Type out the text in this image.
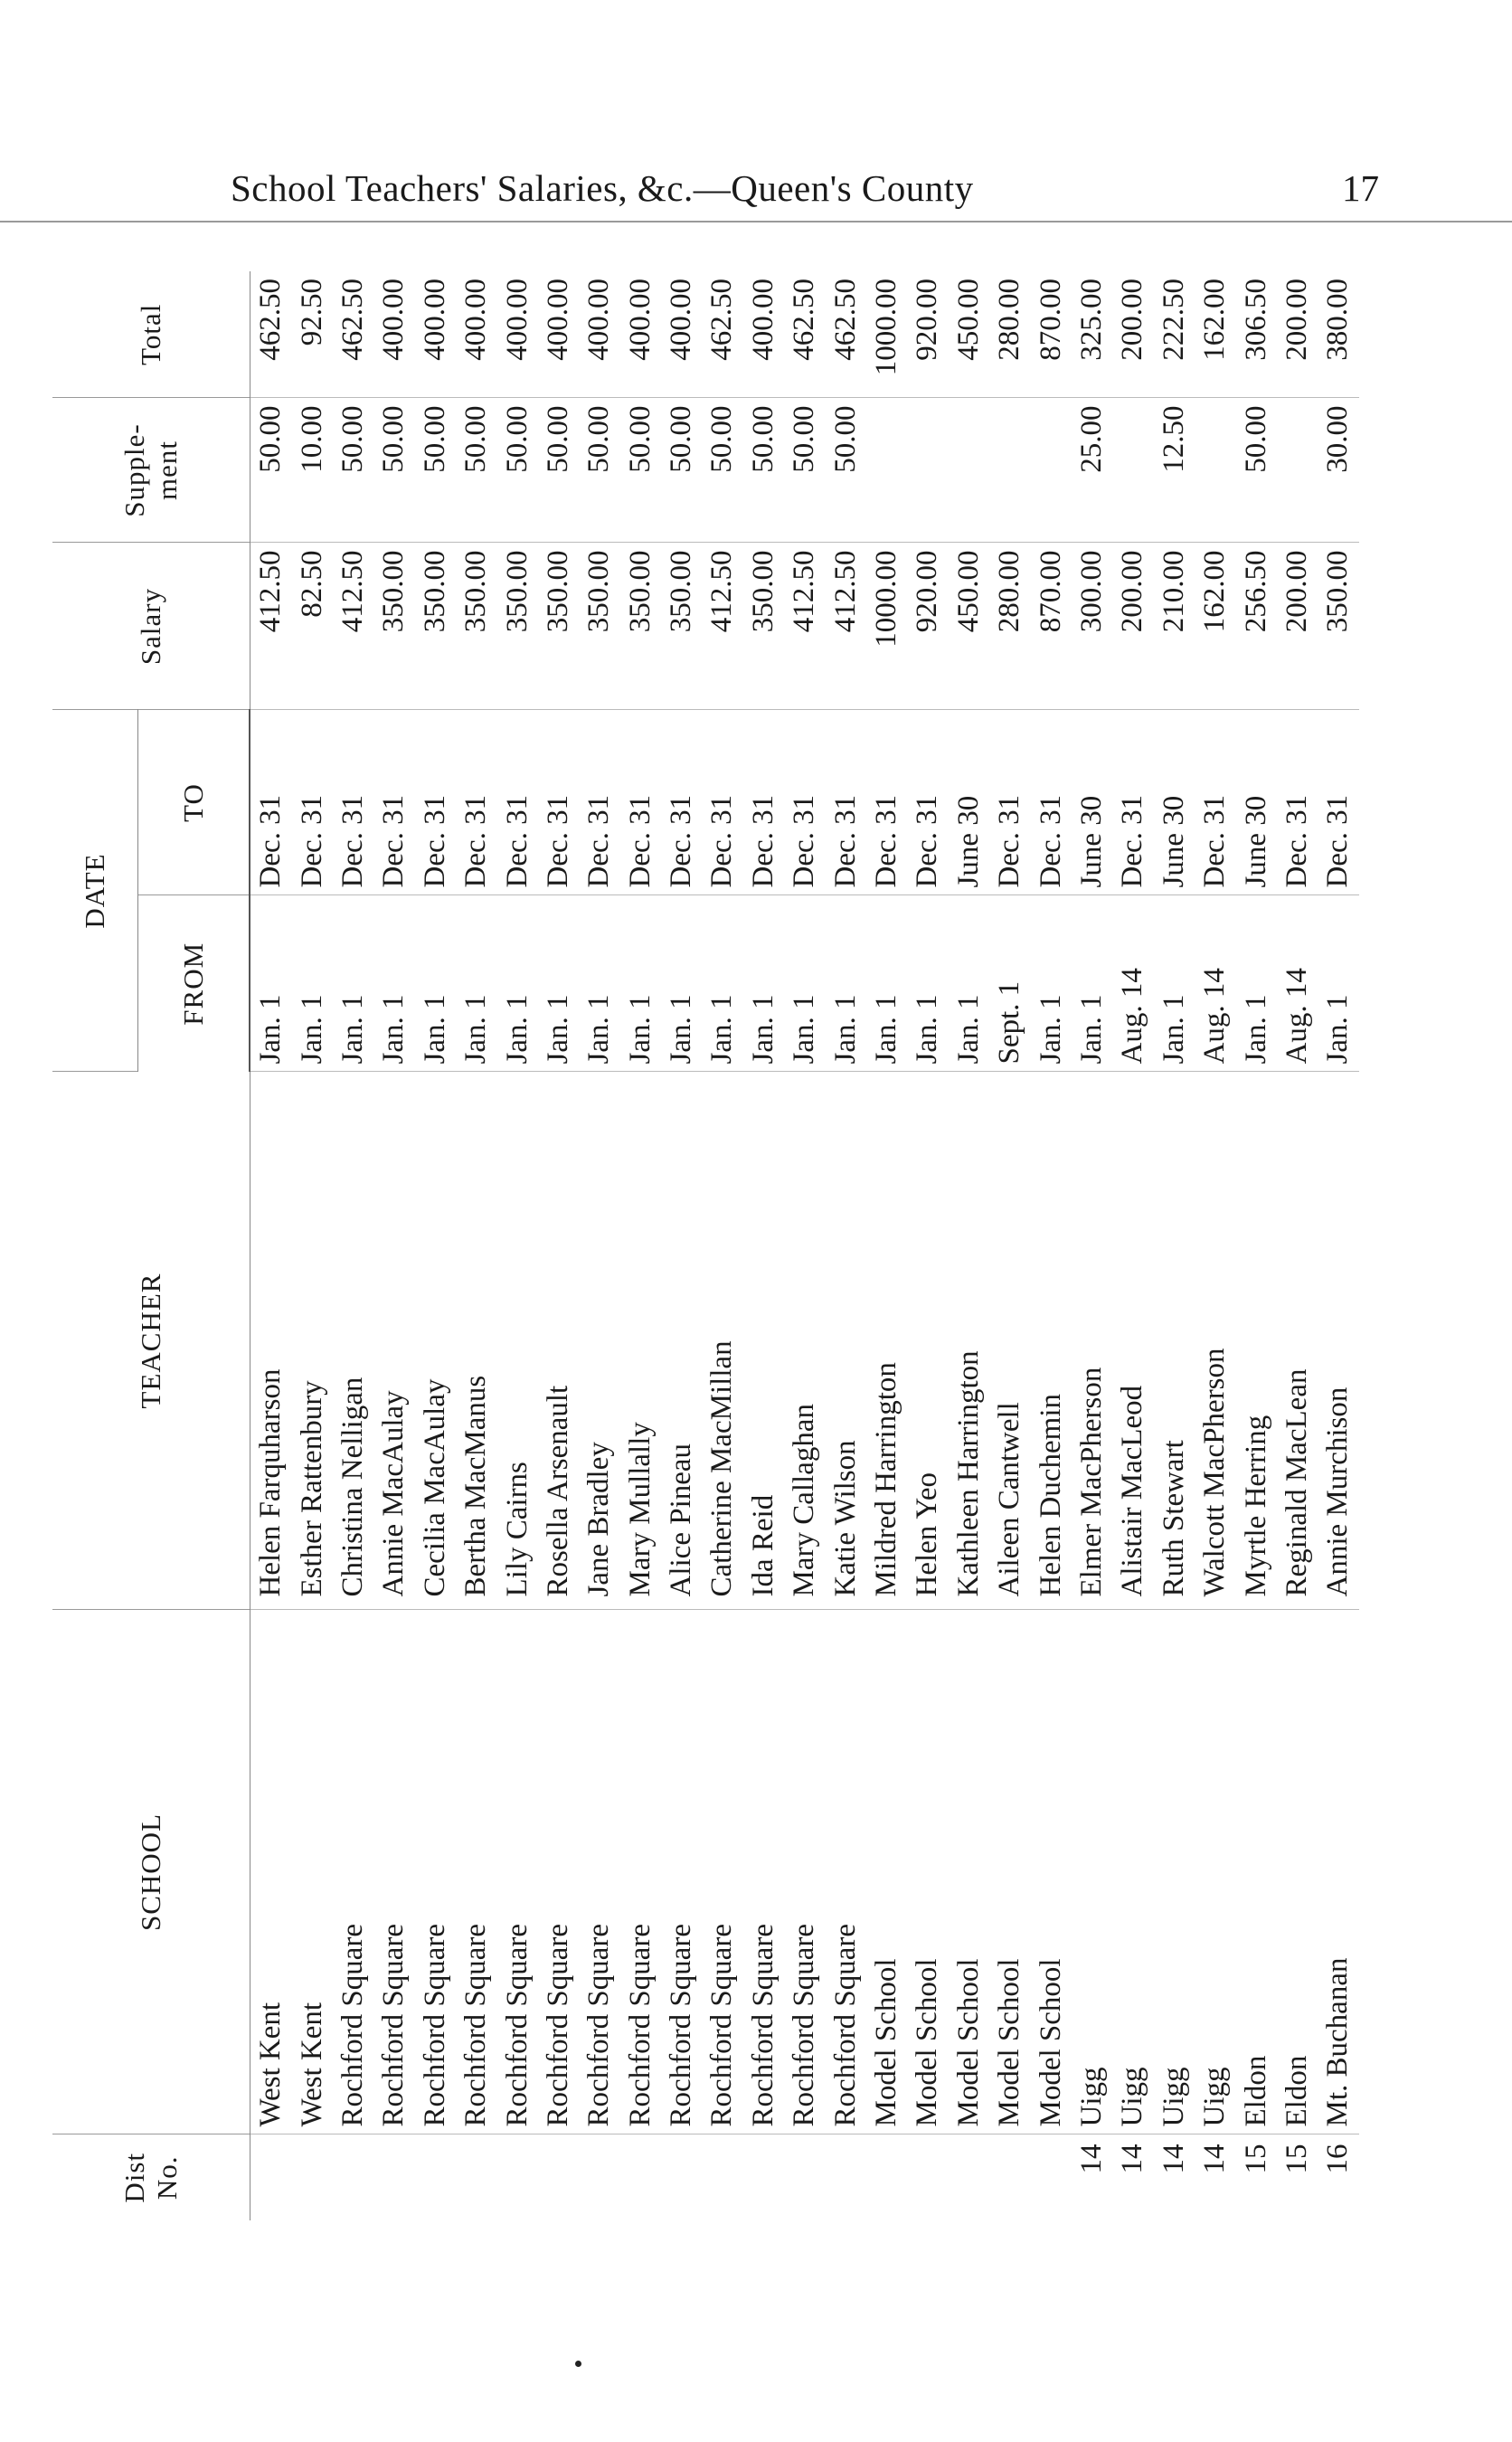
School Teachers' Salaries, &c.—Queen's County	17
Dist No.	SCHOOL	TEACHER	DATE		Salary	Supple-ment	Total
			FROM	TO			
	West Kent	Helen Farquharson	Jan. 1	Dec. 31	412.50	50.00	462.50
	West Kent	Esther Rattenbury	Jan. 1	Dec. 31	82.50	10.00	92.50
	Rochford Square	Christina Nelligan	Jan. 1	Dec. 31	412.50	50.00	462.50
	Rochford Square	Annie MacAulay	Jan. 1	Dec. 31	350.00	50.00	400.00
	Rochford Square	Cecilia MacAulay	Jan. 1	Dec. 31	350.00	50.00	400.00
	Rochford Square	Bertha MacManus	Jan. 1	Dec. 31	350.00	50.00	400.00
	Rochford Square	Lily Cairns	Jan. 1	Dec. 31	350.00	50.00	400.00
	Rochford Square	Rosella Arsenault	Jan. 1	Dec. 31	350.00	50.00	400.00
	Rochford Square	Jane Bradley	Jan. 1	Dec. 31	350.00	50.00	400.00
	Rochford Square	Mary Mullally	Jan. 1	Dec. 31	350.00	50.00	400.00
	Rochford Square	Alice Pineau	Jan. 1	Dec. 31	350.00	50.00	400.00
	Rochford Square	Catherine MacMillan	Jan. 1	Dec. 31	412.50	50.00	462.50
	Rochford Square	Ida Reid	Jan. 1	Dec. 31	350.00	50.00	400.00
	Rochford Square	Mary Callaghan	Jan. 1	Dec. 31	412.50	50.00	462.50
	Rochford Square	Katie Wilson	Jan. 1	Dec. 31	412.50	50.00	462.50
	Model School	Mildred Harrington	Jan. 1	Dec. 31	1000.00		1000.00
	Model School	Helen Yeo	Jan. 1	Dec. 31	920.00		920.00
	Model School	Kathleen Harrington	Jan. 1	June 30	450.00		450.00
	Model School	Aileen Cantwell	Sept. 1	Dec. 31	280.00		280.00
	Model School	Helen Duchemin	Jan. 1	Dec. 31	870.00		870.00
14	Uigg	Elmer MacPherson	Jan. 1	June 30	300.00	25.00	325.00
14	Uigg	Alistair MacLeod	Aug. 14	Dec. 31	200.00		200.00
14	Uigg	Ruth Stewart	Jan. 1	June 30	210.00	12.50	222.50
14	Uigg	Walcott MacPherson	Aug. 14	Dec. 31	162.00		162.00
15	Eldon	Myrtle Herring	Jan. 1	June 30	256.50	50.00	306.50
15	Eldon	Reginald MacLean	Aug. 14	Dec. 31	200.00		200.00
16	Mt. Buchanan	Annie Murchison	Jan. 1	Dec. 31	350.00	30.00	380.00
